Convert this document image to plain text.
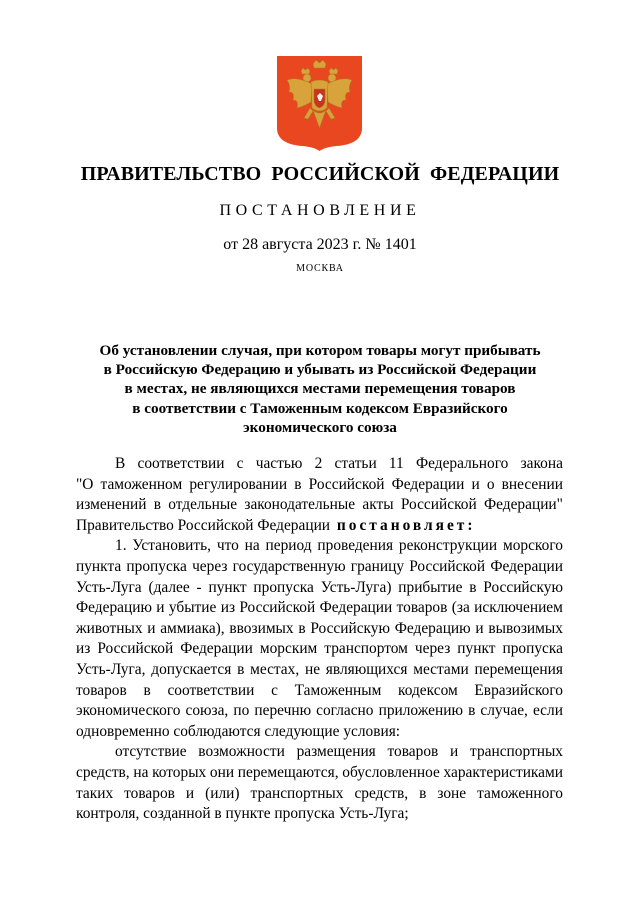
ПРАВИТЕЛЬСТВО РОССИЙСКОЙ ФЕДЕРАЦИИ
ПОСТАНОВЛЕНИЕ
от 28 августа 2023 г. № 1401
МОСКВА
Об установлении случая, при котором товары могут прибывать
в Российскую Федерацию и убывать из Российской Федерации
в местах, не являющихся местами перемещения товаров
в соответствии с Таможенным кодексом Евразийского
экономического союза
В соответствии с частью 2 статьи 11 Федерального закона
"О таможенном регулировании в Российской Федерации и о внесении
изменений в отдельные законодательные акты Российской Федерации"
Правительство Российской Федерации постановляет:
1. Установить, что на период проведения реконструкции морского
пункта пропуска через государственную границу Российской Федерации
Усть-Луга (далее - пункт пропуска Усть-Луга) прибытие в Российскую
Федерацию и убытие из Российской Федерации товаров (за исключением
животных и аммиака), ввозимых в Российскую Федерацию и вывозимых
из Российской Федерации морским транспортом через пункт пропуска
Усть-Луга, допускается в местах, не являющихся местами перемещения
товаров в соответствии с Таможенным кодексом Евразийского
экономического союза, по перечню согласно приложению в случае, если
одновременно соблюдаются следующие условия:
отсутствие возможности размещения товаров и транспортных
средств, на которых они перемещаются, обусловленное характеристиками
таких товаров и (или) транспортных средств, в зоне таможенного
контроля, созданной в пункте пропуска Усть-Луга;
